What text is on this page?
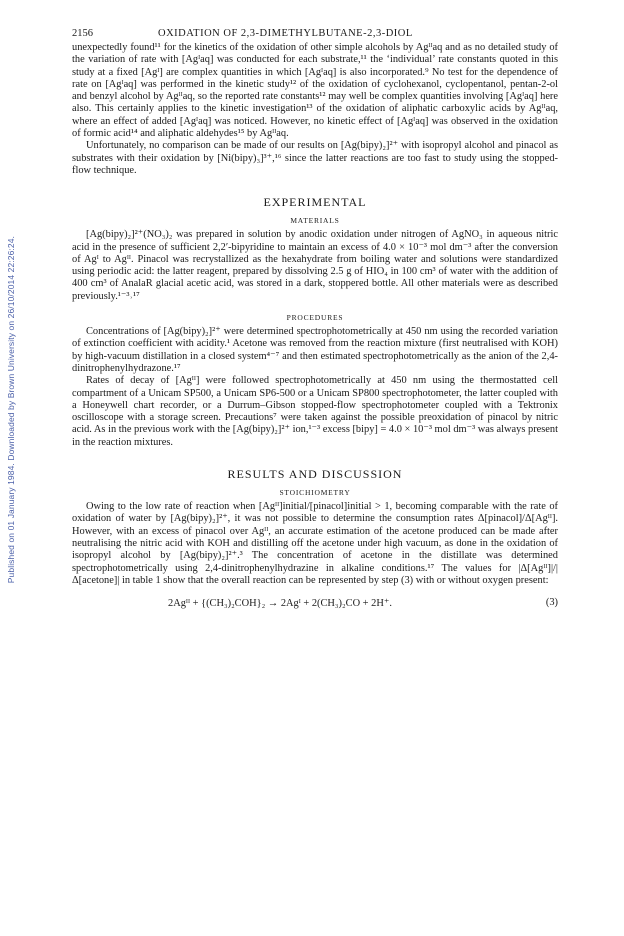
Published on 01 January 1984. Downloaded by Brown University on 26/10/2014 22:26:24.
2156	OXIDATION OF 2,3-DIMETHYLBUTANE-2,3-DIOL

unexpectedly found¹¹ for the kinetics of the oxidation of other simple alcohols by Agᴵᴵaq and as no detailed study of the variation of rate with [Agᴵaq] was conducted for each substrate,¹¹ the ‘individual’ rate constants quoted in this study at a fixed [Agᴵ] are complex quantities in which [Agᴵaq] is also incorporated.⁹ No test for the dependence of rate on [Agᴵaq] was performed in the kinetic study¹² of the oxidation of cyclohexanol, cyclopentanol, pentan-2-ol and benzyl alcohol by Agᴵᴵaq, so the reported rate constants¹² may well be complex quantities involving [Agᴵaq] here also. This certainly applies to the kinetic investigation¹³ of the oxidation of aliphatic carboxylic acids by Agᴵᴵaq, where an effect of added [Agᴵaq] was noticed. However, no kinetic effect of [Agᴵaq] was observed in the oxidation of formic acid¹⁴ and aliphatic aldehydes¹⁵ by Agᴵᴵaq.

Unfortunately, no comparison can be made of our results on [Ag(bipy)₂]²⁺ with isopropyl alcohol and pinacol as substrates with their oxidation by [Ni(bipy)₃]³⁺,¹⁶ since the latter reactions are too fast to study using the stopped-flow technique.

EXPERIMENTAL
MATERIALS

[Ag(bipy)₂]²⁺(NO₃)₂ was prepared in solution by anodic oxidation under nitrogen of AgNO₃ in aqueous nitric acid in the presence of sufficient 2,2′-bipyridine to maintain an excess of 4.0 × 10⁻³ mol dm⁻³ after the conversion of Agᴵ to Agᴵᴵ. Pinacol was recrystallized as the hexahydrate from boiling water and solutions were standardized using periodic acid: the latter reagent, prepared by dissolving 2.5 g of HIO₄ in 100 cm³ of water with the addition of 400 cm³ of AnalaR glacial acetic acid, was stored in a dark, stoppered bottle. All other materials were as described previously.¹⁻³˒¹⁷

PROCEDURES

Concentrations of [Ag(bipy)₂]²⁺ were determined spectrophotometrically at 450 nm using the recorded variation of extinction coefficient with acidity.¹ Acetone was removed from the reaction mixture (first neutralised with KOH) by high-vacuum distillation in a closed system⁴⁻⁷ and then estimated spectrophotometrically as the anion of the 2,4-dinitrophenylhydrazone.¹⁷

Rates of decay of [Agᴵᴵ] were followed spectrophotometrically at 450 nm using the thermostatted cell compartment of a Unicam SP500, a Unicam SP6-500 or a Unicam SP800 spectrophotometer, the latter coupled with a Honeywell chart recorder, or a Durrum–Gibson stopped-flow spectrophotometer coupled with a Tektronix oscilloscope with a storage screen. Precautions⁷ were taken against the possible preoxidation of pinacol by nitric acid. As in the previous work with the [Ag(bipy)₂]²⁺ ion,¹⁻³ excess [bipy] = 4.0 × 10⁻³ mol dm⁻³ was always present in the reaction mixtures.

RESULTS AND DISCUSSION
STOICHIOMETRY

Owing to the low rate of reaction when [Agᴵᴵ]initial/[pinacol]initial > 1, becoming comparable with the rate of oxidation of water by [Ag(bipy)₂]²⁺, it was not possible to determine the consumption rates Δ[pinacol]/Δ[Agᴵᴵ]. However, with an excess of pinacol over Agᴵᴵ, an accurate estimation of the acetone produced can be made after neutralising the nitric acid with KOH and distilling off the acetone under high vacuum, as done in the oxidation of isopropyl alcohol by [Ag(bipy)₂]²⁺.³ The concentration of acetone in the distillate was determined spectrophotometrically using 2,4-dinitrophenylhydrazine in alkaline conditions.¹⁷ The values for |Δ[Agᴵᴵ]|/|Δ[acetone]| in table 1 show that the overall reaction can be represented by step (3) with or without oxygen present:

2Agᴵᴵ + {(CH₃)₂COH}₂ → 2Agᴵ + 2(CH₃)₂CO + 2H⁺.	(3)
